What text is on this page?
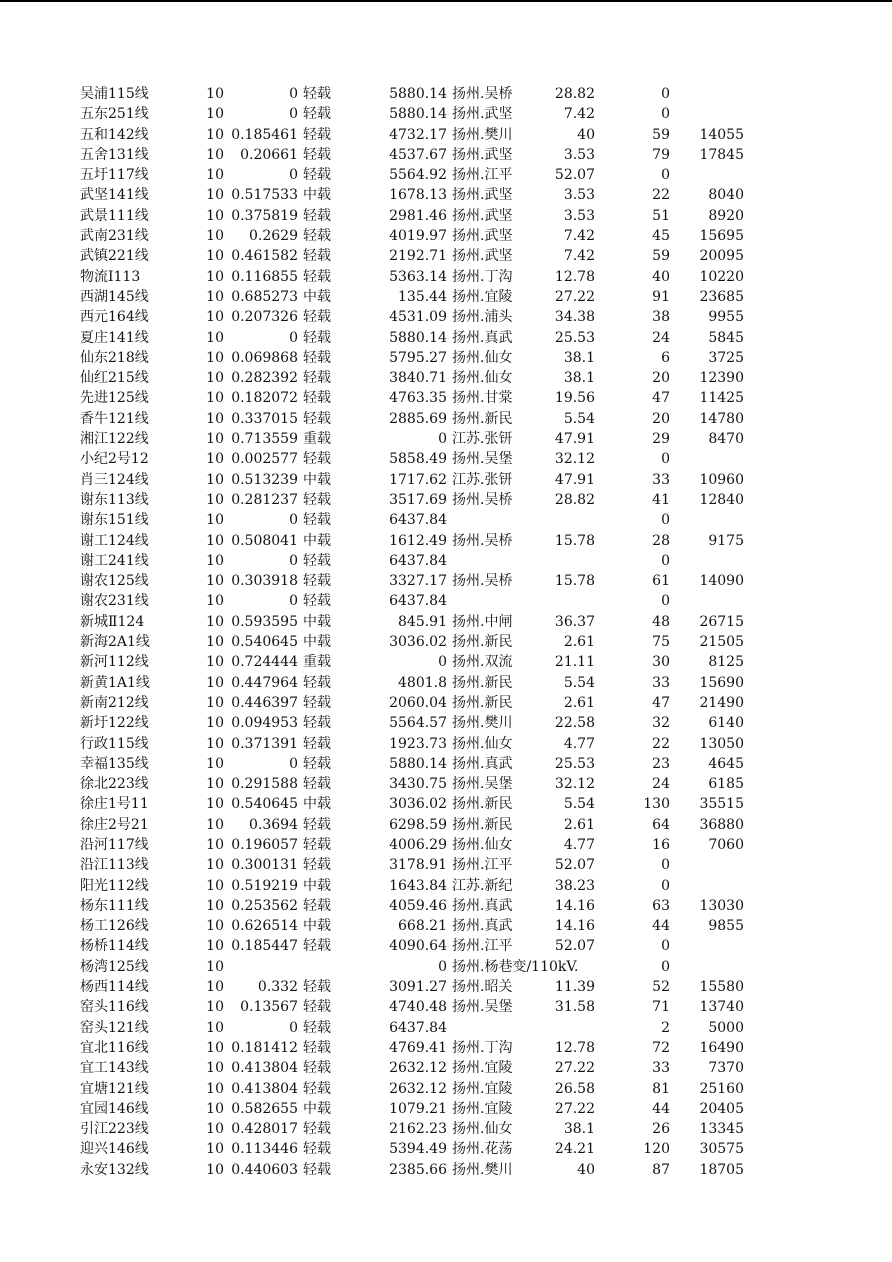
吴浦115线	10	0 轻载	5880.14 扬州.吴桥	28.82	0
五东251线	10	0 轻载	5880.14 扬州.武坚	7.42	0
五和142线	10 0.185461 轻载	4732.17 扬州.樊川	40	59	14055
五舍131线	10	0.20661 轻载	4537.67 扬州.武坚	3.53	79	17845
五圩117线	10	0 轻载	5564.92 扬州.江平	52.07	0
武坚141线	10 0.517533 中载	1678.13 扬州.武坚	3.53	22	8040
武景111线	10 0.375819 轻载	2981.46 扬州.武坚	3.53	51	8920
武南231线	10	0.2629 轻载	4019.97 扬州.武坚	7.42	45	15695
武镇221线	10 0.461582 轻载	2192.71 扬州.武坚	7.42	59	20095
物流Ⅰ113	10 0.116855 轻载	5363.14 扬州.丁沟	12.78	40	10220
西湖145线	10 0.685273 中载	135.44 扬州.宜陵	27.22	91	23685
西元164线	10 0.207326 轻载	4531.09 扬州.浦头	34.38	38	9955
夏庄141线	10	0 轻载	5880.14 扬州.真武	25.53	24	5845
仙东218线	10 0.069868 轻载	5795.27 扬州.仙女	38.1	6	3725
仙红215线	10 0.282392 轻载	3840.71 扬州.仙女	38.1	20	12390
先进125线	10 0.182072 轻载	4763.35 扬州.甘棠	19.56	47	11425
香牛121线	10 0.337015 轻载	2885.69 扬州.新民	5.54	20	14780
湘江122线	10 0.713559 重载	0 江苏.张钘	47.91	29	8470
小纪2号12	10 0.002577 轻载	5858.49 扬州.吴堡	32.12	0
肖三124线	10 0.513239 中载	1717.62 江苏.张钘	47.91	33	10960
谢东113线	10 0.281237 轻载	3517.69 扬州.吴桥	28.82	41	12840
谢东151线	10	0 轻载	6437.84	0
谢工124线	10 0.508041 中载	1612.49 扬州.吴桥	15.78	28	9175
谢工241线	10	0 轻载	6437.84	0
谢农125线	10 0.303918 轻载	3327.17 扬州.吴桥	15.78	61	14090
谢农231线	10	0 轻载	6437.84	0
新城Ⅱ124	10 0.593595 中载	845.91 扬州.中闸	36.37	48	26715
新海2A1线	10 0.540645 中载	3036.02 扬州.新民	2.61	75	21505
新河112线	10 0.724444 重载	0 扬州.双流	21.11	30	8125
新黄1A1线	10 0.447964 轻载	4801.8 扬州.新民	5.54	33	15690
新南212线	10 0.446397 轻载	2060.04 扬州.新民	2.61	47	21490
新圩122线	10 0.094953 轻载	5564.57 扬州.樊川	22.58	32	6140
行政115线	10 0.371391 轻载	1923.73 扬州.仙女	4.77	22	13050
幸福135线	10	0 轻载	5880.14 扬州.真武	25.53	23	4645
徐北223线	10 0.291588 轻载	3430.75 扬州.吴堡	32.12	24	6185
徐庄1号11	10 0.540645 中载	3036.02 扬州.新民	5.54	130	35515
徐庄2号21	10	0.3694 轻载	6298.59 扬州.新民	2.61	64	36880
沿河117线	10 0.196057 轻载	4006.29 扬州.仙女	4.77	16	7060
沿江113线	10 0.300131 轻载	3178.91 扬州.江平	52.07	0
阳光112线	10 0.519219 中载	1643.84 江苏.新纪	38.23	0
杨东111线	10 0.253562 轻载	4059.46 扬州.真武	14.16	63	13030
杨工126线	10 0.626514 中载	668.21 扬州.真武	14.16	44	9855
杨桥114线	10 0.185447 轻载	4090.64 扬州.江平	52.07	0
杨湾125线	10	0 扬州.杨巷变/110kV.	0
杨西114线	10	0.332 轻载	3091.27 扬州.昭关	11.39	52	15580
窑头116线	10	0.13567 轻载	4740.48 扬州.吴堡	31.58	71	13740
窑头121线	10	0 轻载	6437.84	2	5000
宜北116线	10 0.181412 轻载	4769.41 扬州.丁沟	12.78	72	16490
宜工143线	10 0.413804 轻载	2632.12 扬州.宜陵	27.22	33	7370
宜塘121线	10 0.413804 轻载	2632.12 扬州.宜陵	26.58	81	25160
宜园146线	10 0.582655 中载	1079.21 扬州.宜陵	27.22	44	20405
引江223线	10 0.428017 轻载	2162.23 扬州.仙女	38.1	26	13345
迎兴146线	10 0.113446 轻载	5394.49 扬州.花荡	24.21	120	30575
永安132线	10 0.440603 轻载	2385.66 扬州.樊川	40	87	18705
